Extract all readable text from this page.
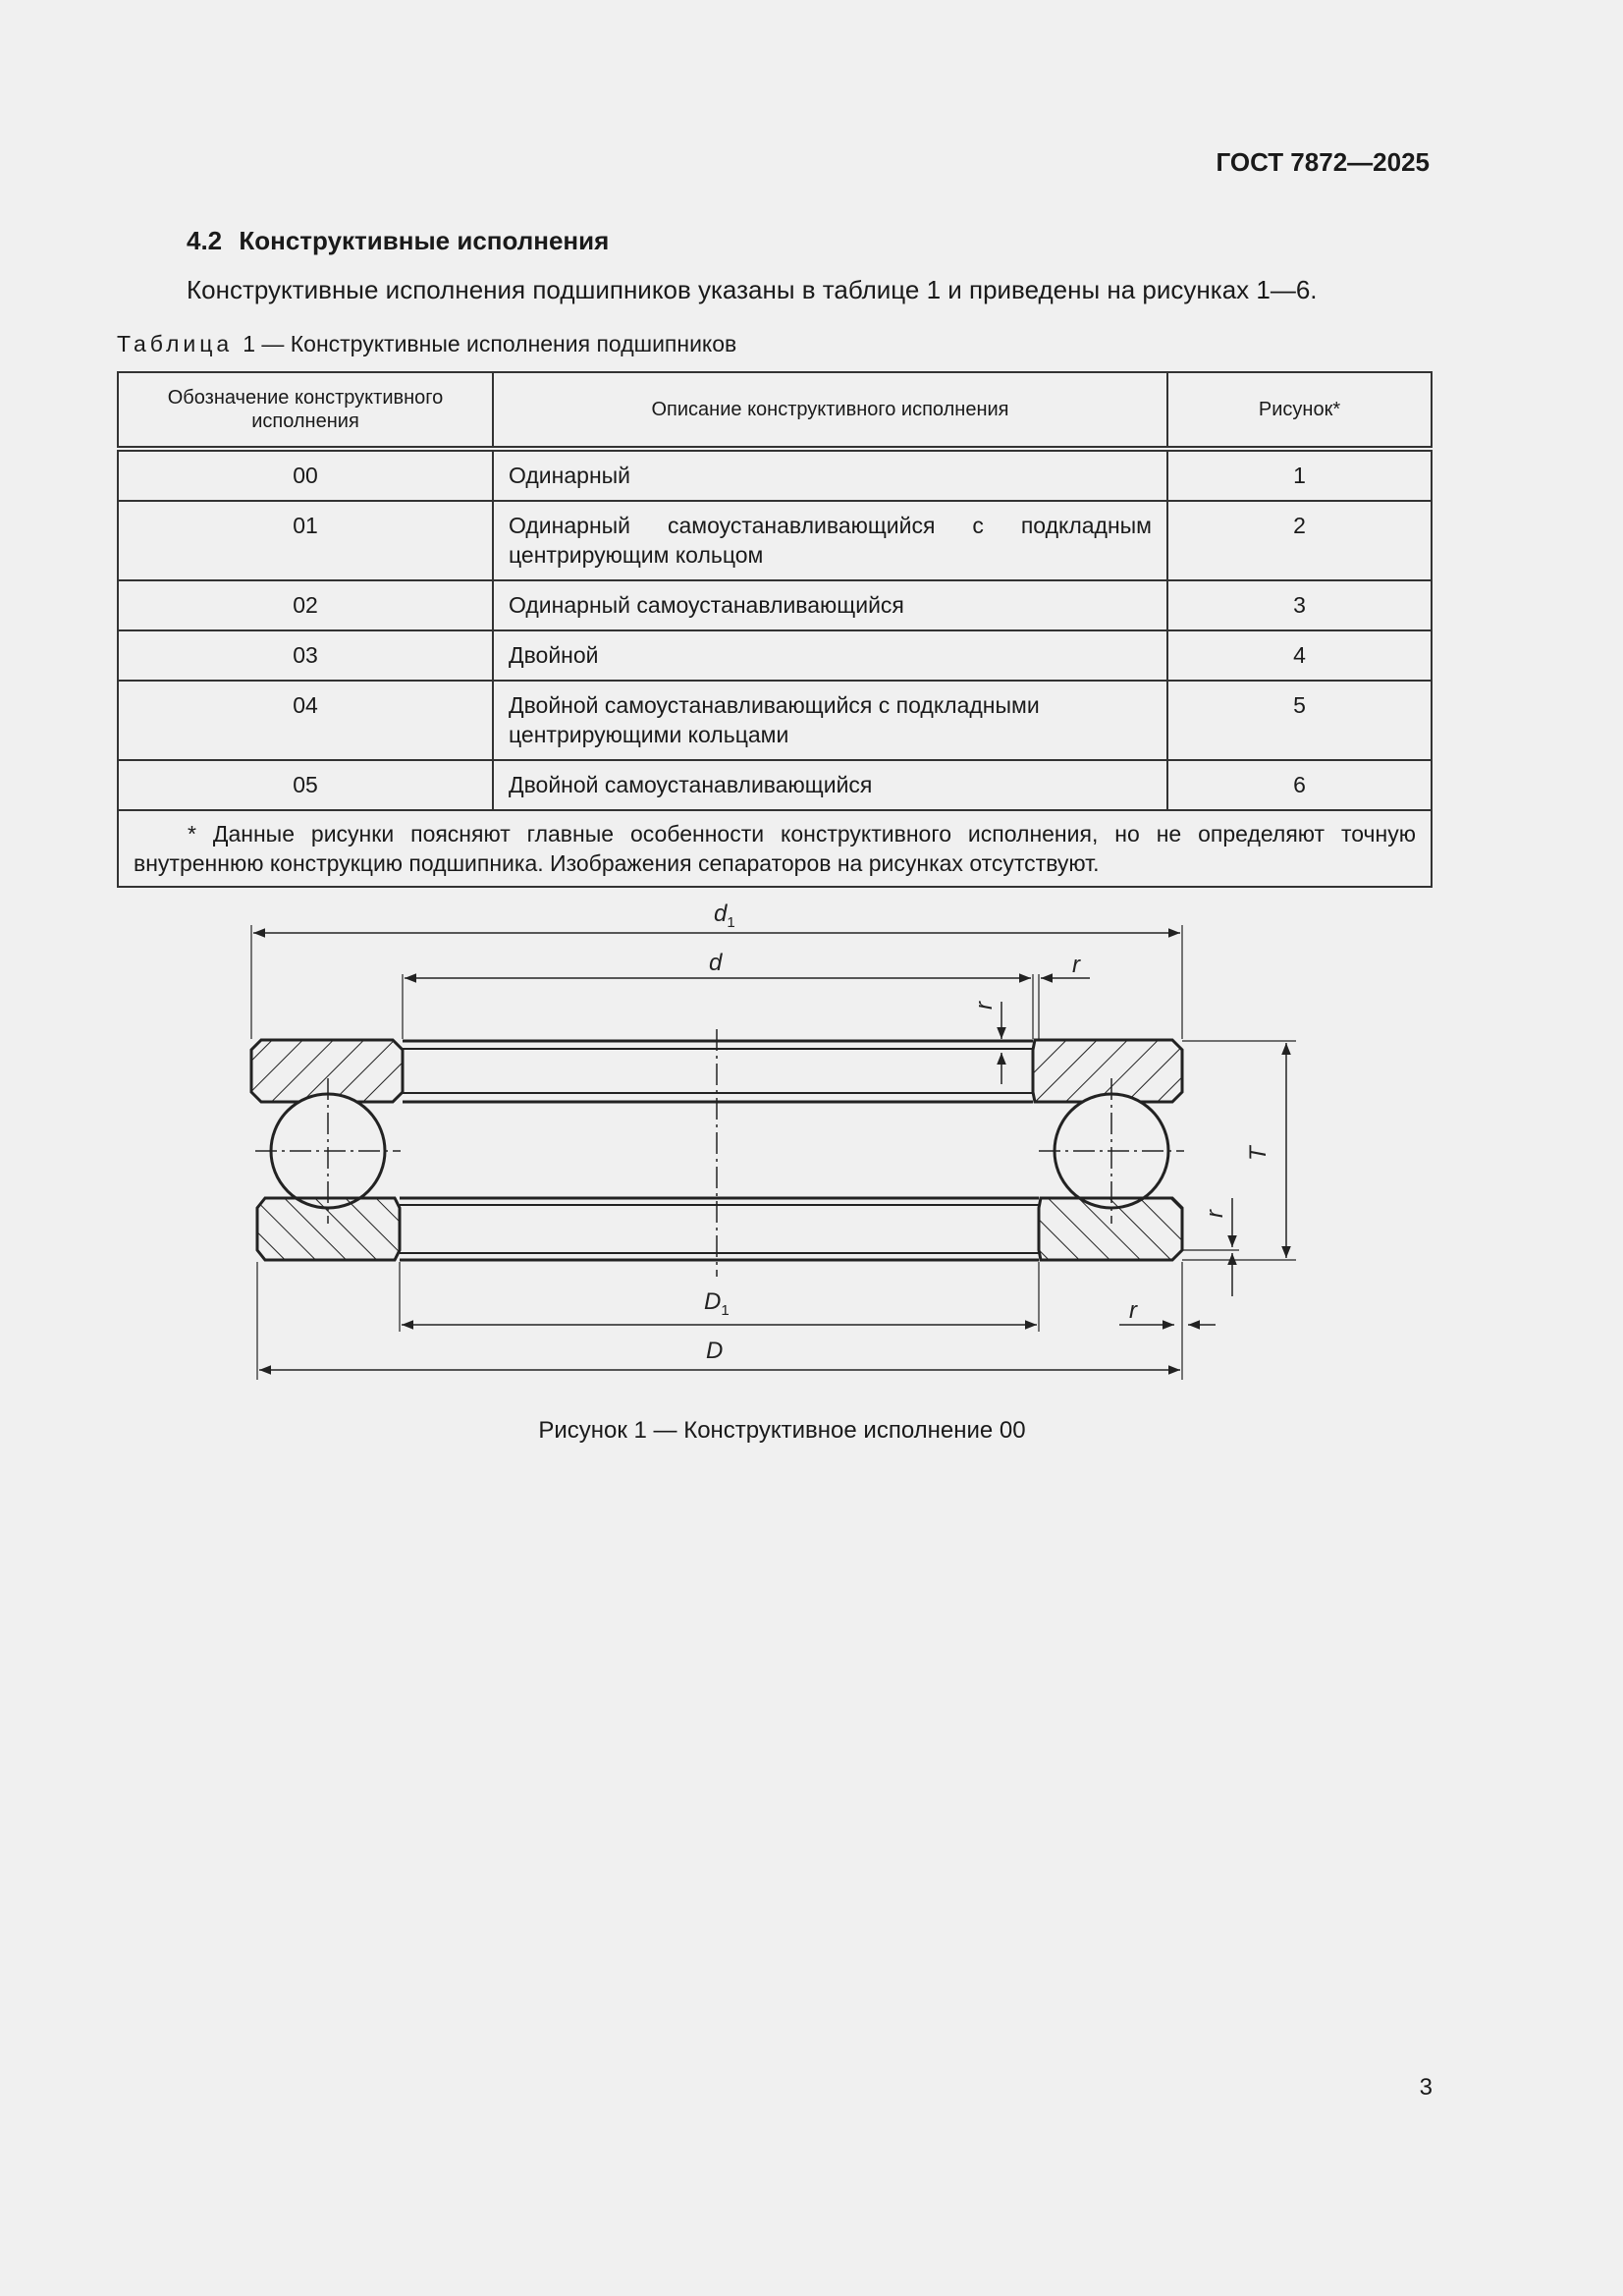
ГОСТ 7872—2025
4.2 Конструктивные исполнения
Конструктивные исполнения подшипников указаны в таблице 1 и приведены на рисунках 1—6.
Таблица 1 — Конструктивные исполнения подшипников
Обозначение конструктивного исполнения	Описание конструктивного исполнения	Рисунок*
00	Одинарный	1
01	Одинарный самоустанавливающийся с подкладным центрирующим кольцом	2
02	Одинарный самоустанавливающийся	3
03	Двойной	4
04	Двойной самоустанавливающийся с подкладными центрирующими кольцами	5
05	Двойной самоустанавливающийся	6
* Данные рисунки поясняют главные особенности конструктивного исполнения, но не определяют точную внутреннюю конструкцию подшипника. Изображения сепараторов на рисунках отсутствуют.		
$d_1$
d	r
r
T
r
$D_1$	r
D
Рисунок 1 — Конструктивное исполнение 00
3
